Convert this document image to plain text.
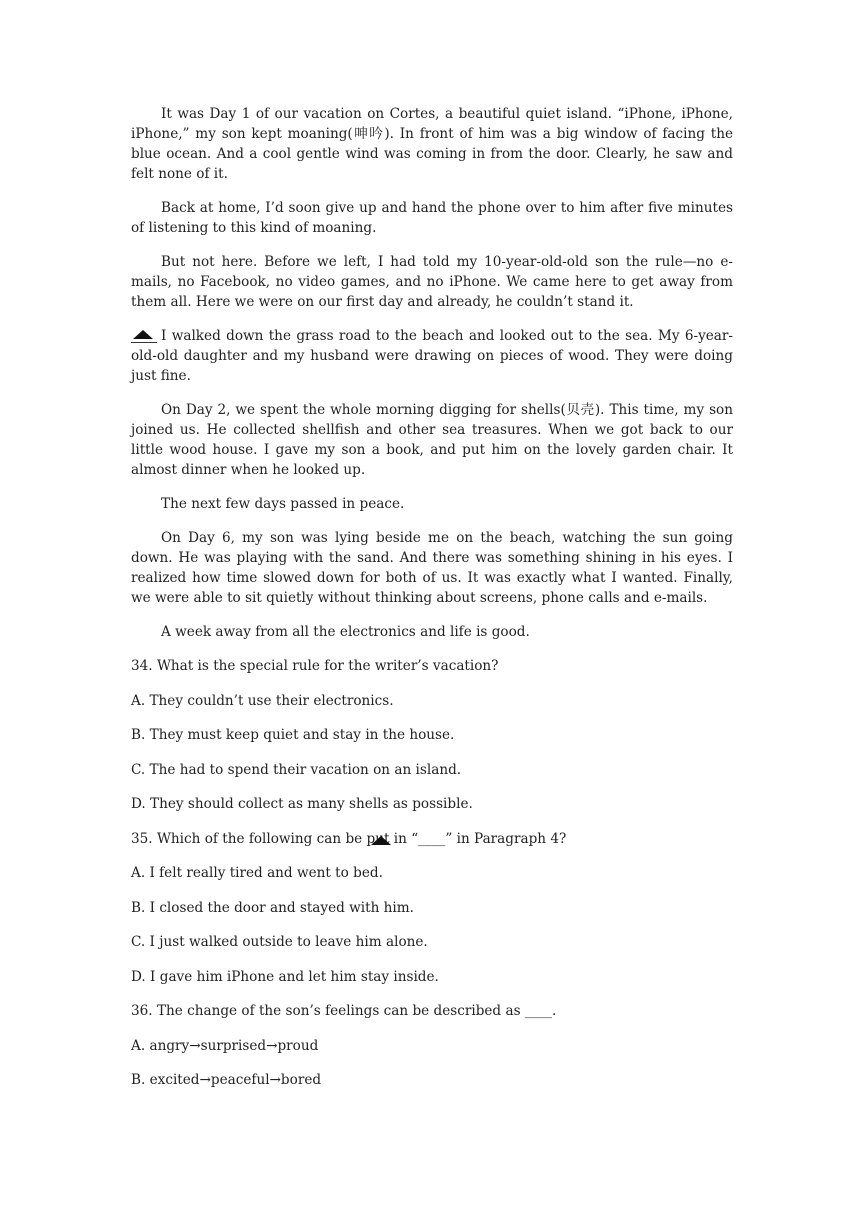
It was Day 1 of our vacation on Cortes, a beautiful quiet island. “iPhone, iPhone, iPhone,” my son kept moaning(呻吟). In front of him was a big window of facing the blue ocean. And a cool gentle wind was coming in from the door. Clearly, he saw and felt none of it.

Back at home, I’d soon give up and hand the phone over to him after five minutes of listening to this kind of moaning.

But not here. Before we left, I had told my 10-year-old-old son the rule—no e-mails, no Facebook, no video games, and no iPhone. We came here to get away from them all. Here we were on our first day and already, he couldn’t stand it.

I walked down the grass road to the beach and looked out to the sea. My 6-year-old-old daughter and my husband were drawing on pieces of wood. They were doing just fine.

On Day 2, we spent the whole morning digging for shells(贝壳). This time, my son joined us. He collected shellfish and other sea treasures. When we got back to our little wood house. I gave my son a book, and put him on the lovely garden chair. It almost dinner when he looked up.

The next few days passed in peace.

On Day 6, my son was lying beside me on the beach, watching the sun going down. He was playing with the sand. And there was something shining in his eyes. I realized how time slowed down for both of us. It was exactly what I wanted. Finally, we were able to sit quietly without thinking about screens, phone calls and e-mails.

A week away from all the electronics and life is good.

34. What is the special rule for the writer’s vacation?

A. They couldn’t use their electronics.

B. They must keep quiet and stay in the house.

C. The had to spend their vacation on an island.

D. They should collect as many shells as possible.

35. Which of the following can be put in “____” in Paragraph 4?

A. I felt really tired and went to bed.

B. I closed the door and stayed with him.

C. I just walked outside to leave him alone.

D. I gave him iPhone and let him stay inside.

36. The change of the son’s feelings can be described as ____.

A. angry→surprised→proud

B. excited→peaceful→bored
